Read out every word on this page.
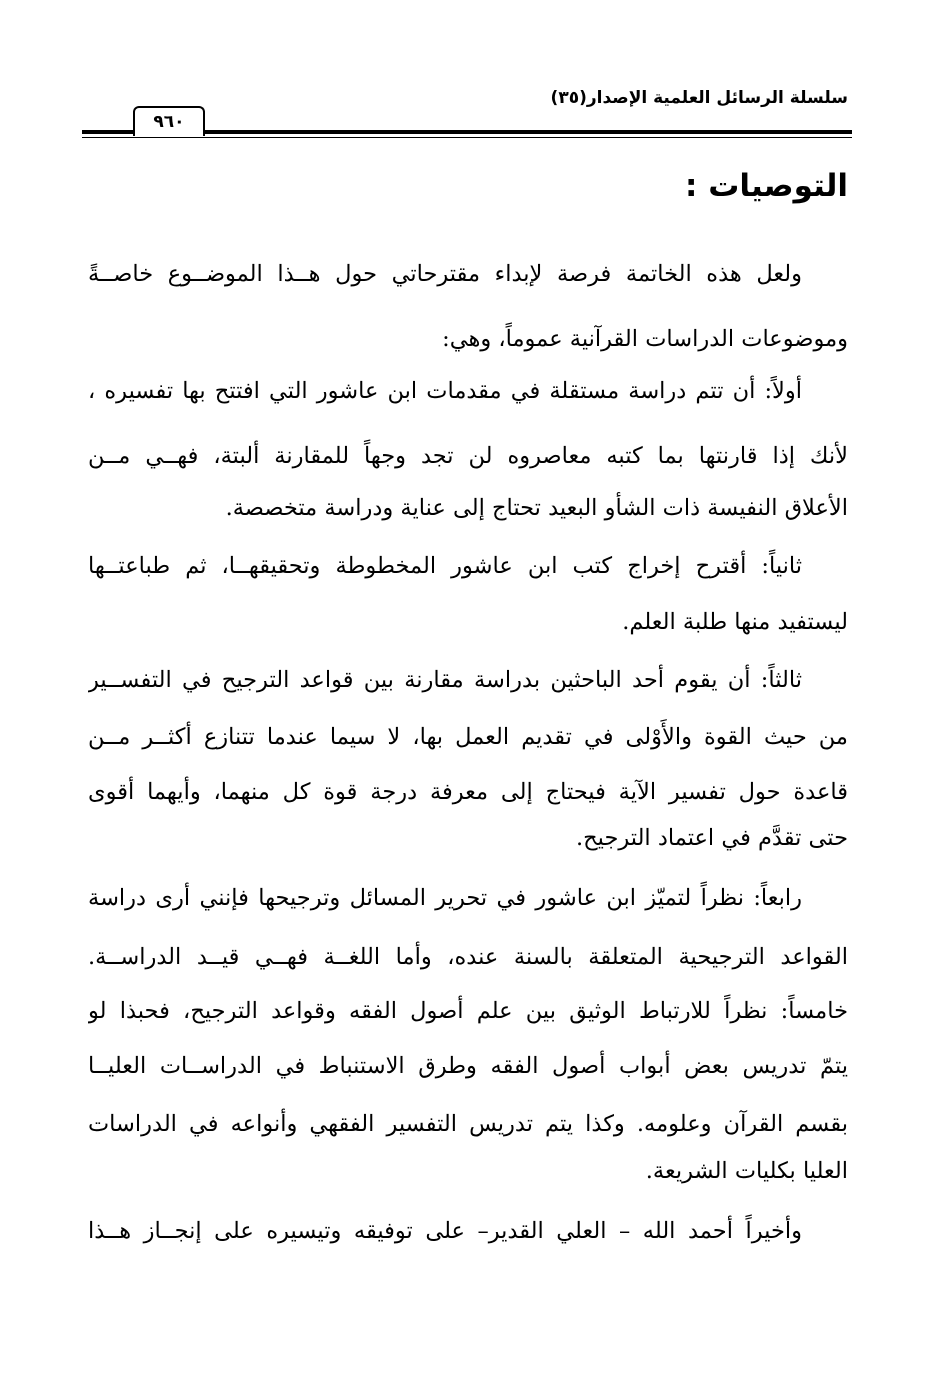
سلسلة الرسائل العلمية الإصدار(٣٥)
٩٦٠
التوصيات :
ولعل هذه الخاتمة فرصة لإبداء مقترحاتي حول هــذا الموضــوع خاصــةً
وموضوعات الدراسات القرآنية عموماً، وهي:
أولاً: أن تتم دراسة مستقلة في مقدمات ابن عاشور التي افتتح بها تفسيره ،
لأنك إذا قارنتها بما كتبه معاصروه لن تجد وجهاً للمقارنة ألبتة، فهــي مــن
الأعلاق النفيسة ذات الشأو البعيد تحتاج إلى عناية ودراسة متخصصة.
ثانياً: أقترح إخراج كتب ابن عاشور المخطوطة وتحقيقهــا، ثم طباعتــها
ليستفيد منها طلبة العلم.
ثالثاً: أن يقوم أحد الباحثين بدراسة مقارنة بين قواعد الترجيح في التفســير
من حيث القوة والأَوْلى في تقديم العمل بها، لا سيما عندما تتنازع أكثــر مــن
قاعدة حول تفسير الآية فيحتاج إلى معرفة درجة قوة كل منهما، وأيهما أقوى
حتى تقدَّم في اعتماد الترجيح.
رابعاً: نظراً لتميّز ابن عاشور في تحرير المسائل وترجيحها فإنني أرى دراسة
القواعد الترجيحية المتعلقة بالسنة عنده، وأما اللغــة فهــي قيــد الدراســة.
خامساً: نظراً للارتباط الوثيق بين علم أصول الفقه وقواعد الترجيح، فحبذا لو
يتمّ تدريس بعض أبواب أصول الفقه وطرق الاستنباط في الدراســات العليــا
بقسم القرآن وعلومه. وكذا يتم تدريس التفسير الفقهي وأنواعه في الدراسات
العليا بكليات الشريعة.
وأخيراً أحمد الله – العلي القدير– على توفيقه وتيسيره على إنجــاز هــذا
